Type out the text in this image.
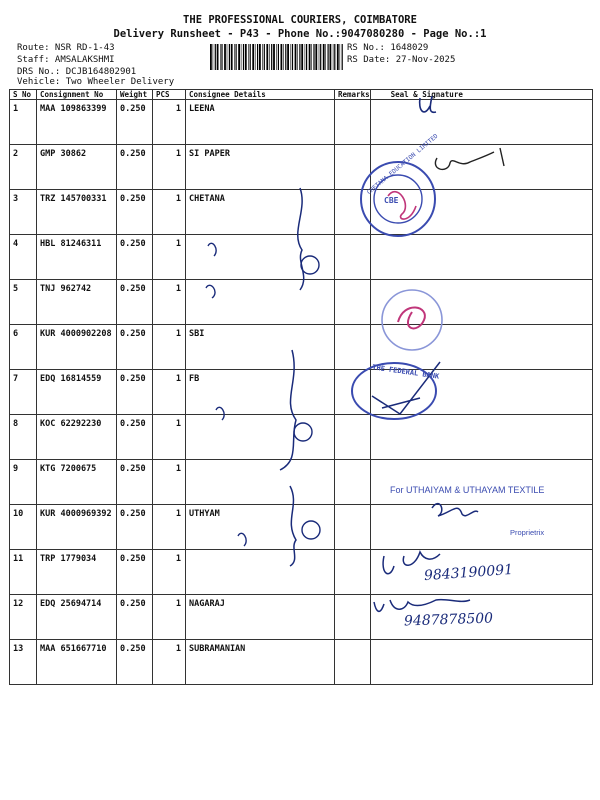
THE PROFESSIONAL COURIERS, COIMBATORE
Delivery Runsheet - P43 - Phone No.:9047080280 - Page No.:1
Route: NSR RD-1-43
Staff: AMSALAKSHMI
DRS No.: DCJB164802901
Vehicle: Two Wheeler Delivery
RS No.: 1648029
RS Date: 27-Nov-2025
S No	Consignment No	Weight	PCS	Consignee Details	Remarks	Seal & Signature
1	MAA 109863399	0.250	1	LEENA		
2	GMP 30862	0.250	1	SI PAPER		
3	TRZ 145700331	0.250	1	CHETANA		
4	HBL 81246311	0.250	1			
5	TNJ 962742	0.250	1			
6	KUR 4000902208	0.250	1	SBI		
7	EDQ 16814559	0.250	1	FB		
8	KOC 62292230	0.250	1			
9	KTG 7200675	0.250	1			
10	KUR 4000969392	0.250	1	UTHYAM		
11	TRP 1779034	0.250	1			
12	EDQ 25694714	0.250	1	NAGARAJ		
13	MAA 651667710	0.250	1	SUBRAMANIAN		
CHETANA EDUCATION LIMITED
CBE
THE FEDERAL BANK
For UTHAIYAM & UTHAYAM TEXTILE
Proprietrix
9843190091
9487878500
